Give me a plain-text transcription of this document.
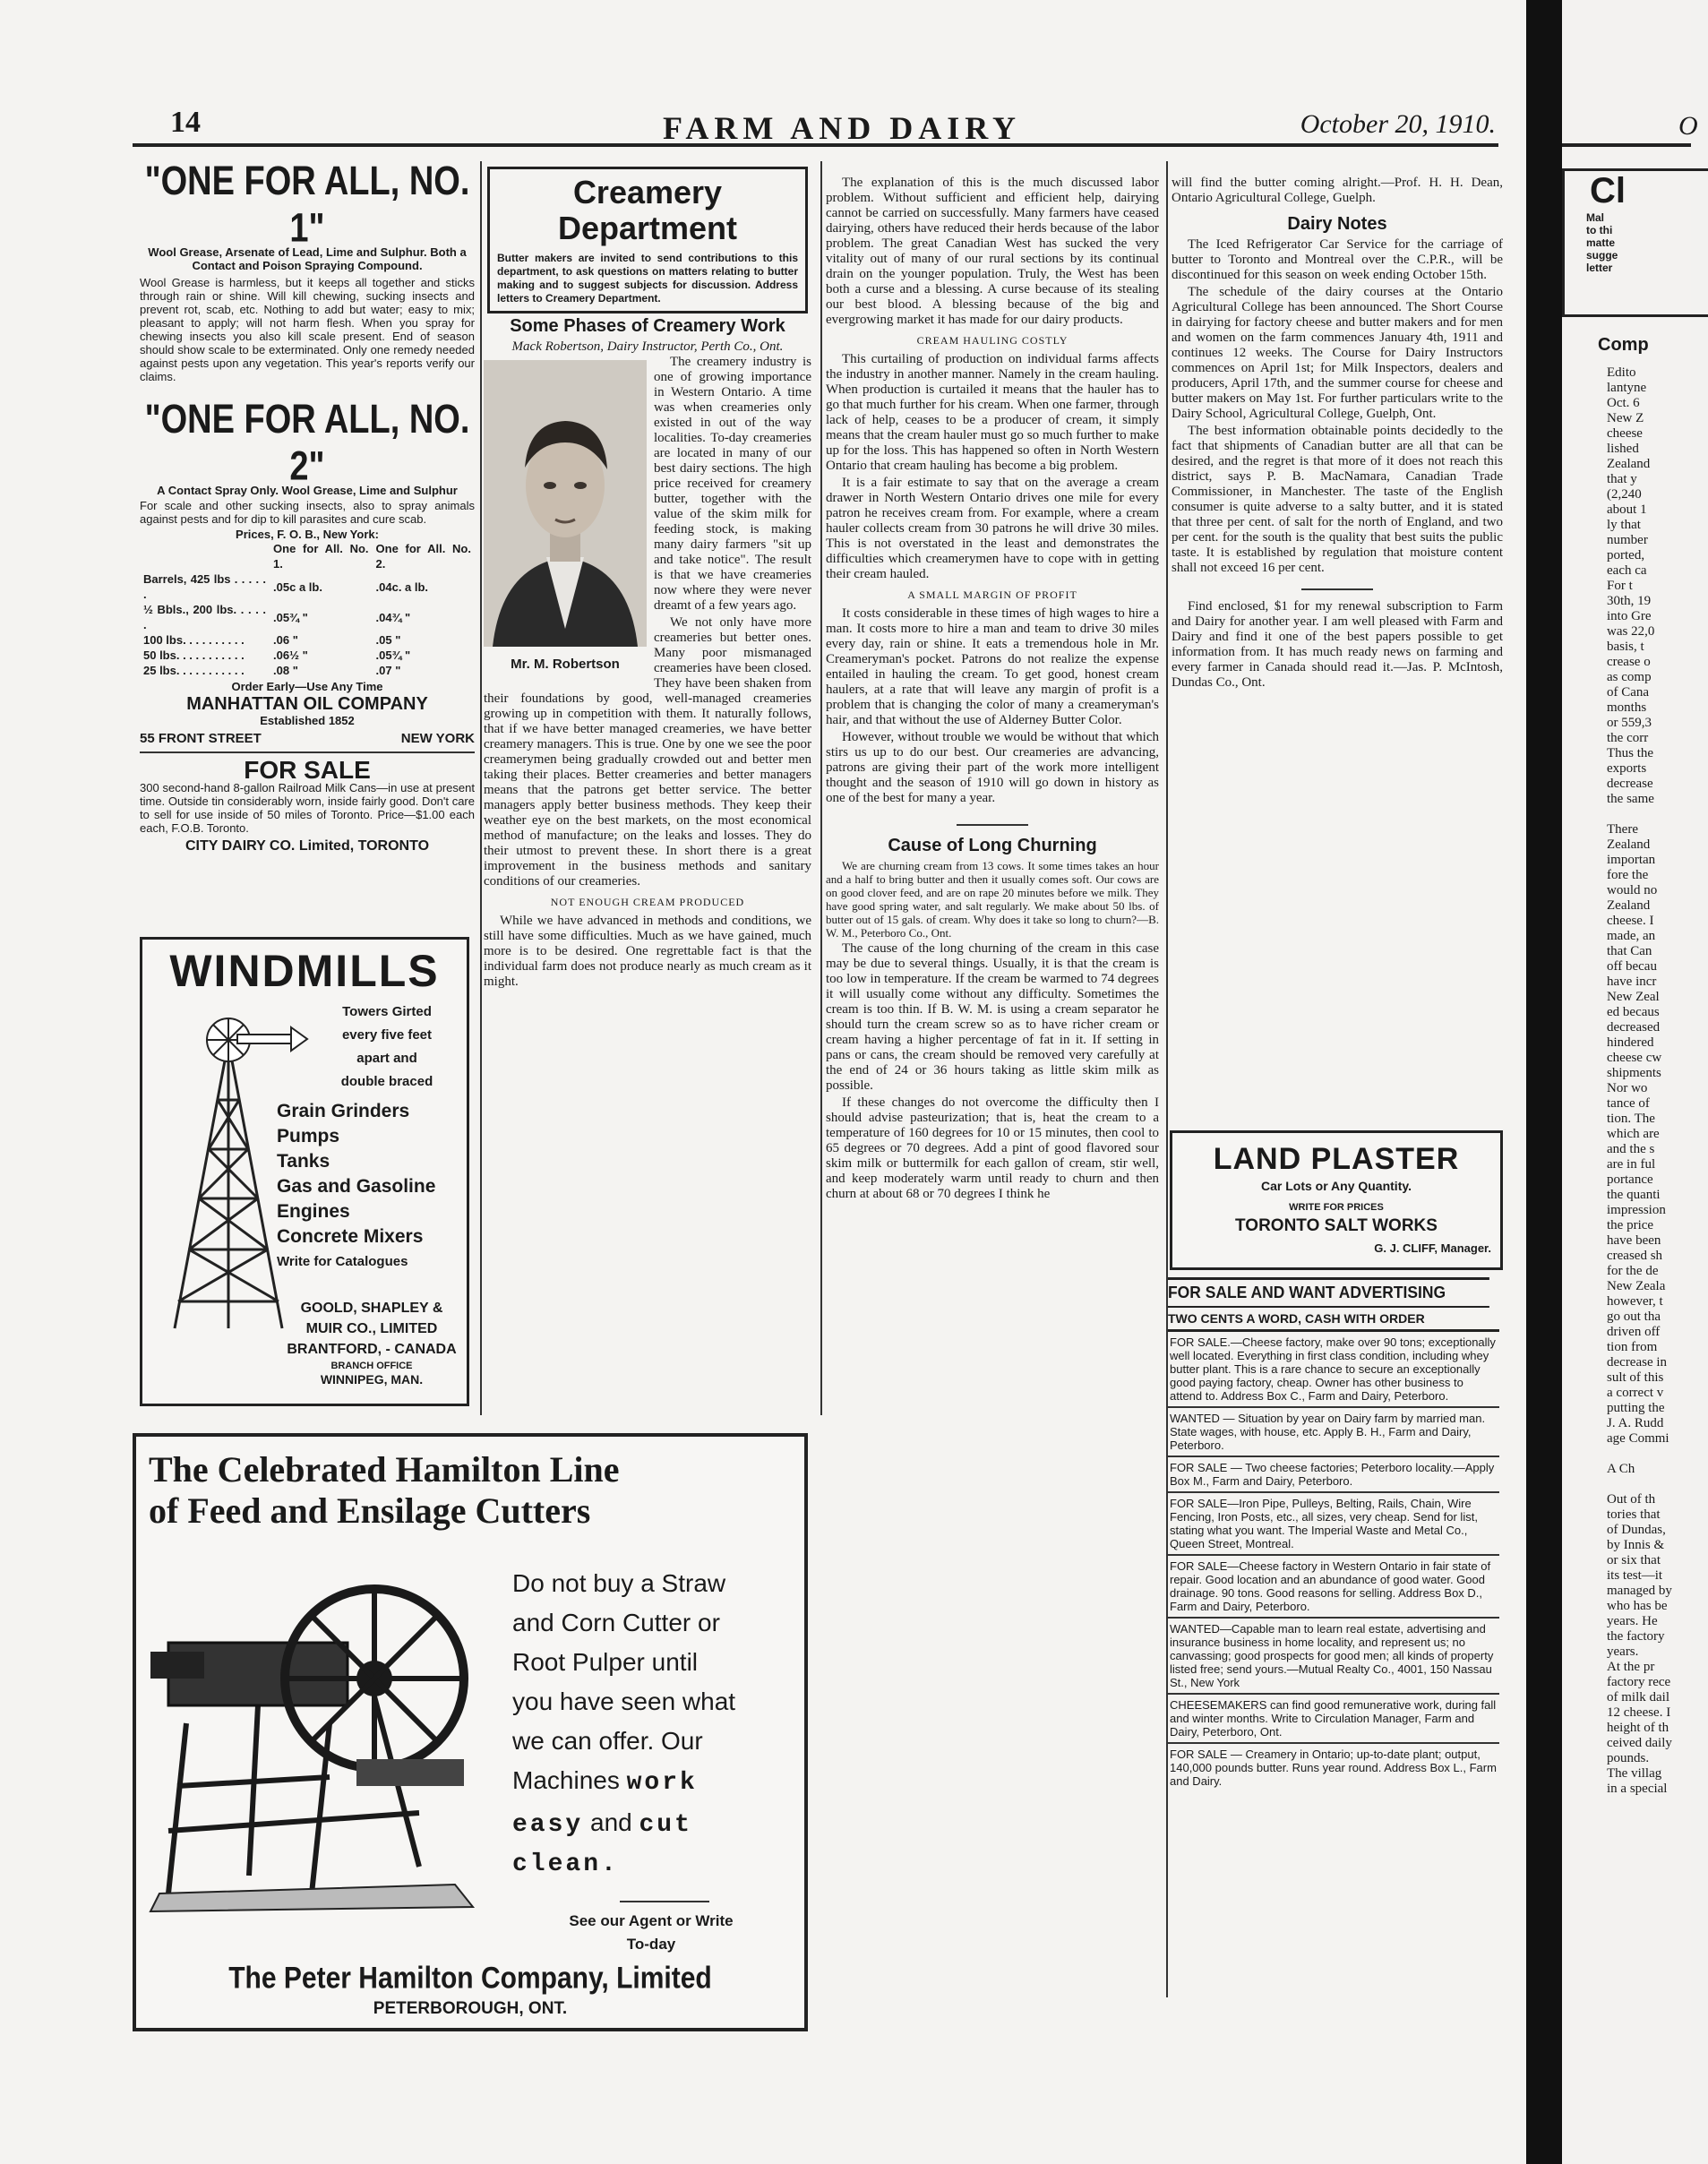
14	FARM AND DAIRY	October 20, 1910.
"ONE FOR ALL, NO. 1"
Wool Grease, Arsenate of Lead, Lime and Sulphur. Both a Contact and Poison Spraying Compound.
Wool Grease is harmless, but it keeps all together and sticks through rain or shine. Will kill chewing, sucking insects and prevent rot, scab, etc. Nothing to add but water; easy to mix; pleasant to apply; will not harm flesh. When you spray for chewing insects you also kill scale present. End of season should show scale to be exterminated. Only one remedy needed against pests upon any vegetation. This year's reports verify our claims.
"ONE FOR ALL, NO. 2"
A Contact Spray Only. Wool Grease, Lime and Sulphur
For scale and other sucking insects, also to spray animals against pests and for dip to kill parasites and cure scab.
Prices, F. O. B., New York:
	One for All. No. 1.	One for All. No. 2.
Barrels, 425 lbs . . . . . .	.05c a lb.	.04c. a lb.
½ Bbls., 200 lbs. . . . . .	.05¾ "	.04¾ "
100 lbs. . . . . . . . . .	.06 "	.05 "
50 lbs. . . . . . . . . . .	.06½ "	.05¾ "
25 lbs. . . . . . . . . . .	.08 "	.07 "
Order Early—Use Any Time
MANHATTAN OIL COMPANY
Established 1852
55 FRONT STREET	NEW YORK
FOR SALE
300 second-hand 8-gallon Railroad Milk Cans—in use at present time. Outside tin considerably worn, inside fairly good. Don't care to sell for use inside of 50 miles of Toronto. Price—$1.00 each each, F.O.B. Toronto.
CITY DAIRY CO. Limited, TORONTO
WINDMILLS
Towers Girted
every five feet
apart and
double braced
Grain Grinders
Pumps
Tanks
Gas and Gasoline
Engines
Concrete Mixers
Write for Catalogues
GOOLD, SHAPLEY &
MUIR CO., LIMITED
BRANTFORD, - CANADA
BRANCH OFFICE
WINNIPEG, MAN.
Creamery Department
Butter makers are invited to send contributions to this department, to ask questions on matters relating to butter making and to suggest subjects for discussion. Address letters to Creamery Department.
Some Phases of Creamery Work
Mack Robertson, Dairy Instructor, Perth Co., Ont.
Mr. M. Robertson

The creamery industry is one of growing importance in Western Ontario. A time was when creameries only existed in out of the way localities. To-day creameries are located in many of our best dairy sections. The high price received for creamery butter, together with the value of the skim milk for feeding stock, is making many dairy farmers "sit up and take notice". The result is that we have creameries now where they were never dreamt of a few years ago.

We not only have more creameries but better ones. Many poor mismanaged creameries have been closed. They have been shaken from their foundations by good, well-managed creameries growing up in competition with them. It naturally follows, that if we have better managed creameries, we have better creamery managers. This is true. One by one we see the poor creamerymen being gradually crowded out and better men taking their places. Better creameries and better managers means that the patrons get better service. The better managers apply better business methods. They keep their weather eye on the best markets, on the most economical method of manufacture; on the leaks and losses. They do their utmost to prevent these. In short there is a great improvement in the business methods and sanitary conditions of our creameries.

NOT ENOUGH CREAM PRODUCED

While we have advanced in methods and conditions, we still have some difficulties. Much as we have gained, much more is to be desired. One regrettable fact is that the individual farm does not produce nearly as much cream as it might.

The explanation of this is the much discussed labor problem. Without sufficient and efficient help, dairying cannot be carried on successfully. Many farmers have ceased dairying, others have reduced their herds because of the labor problem. The great Canadian West has sucked the very vitality out of many of our rural sections by its continual drain on the younger population. Truly, the West has been both a curse and a blessing. A curse because of its stealing our best blood. A blessing because of the big and evergrowing market it has made for our dairy products.

CREAM HAULING COSTLY

This curtailing of production on individual farms affects the industry in another manner. Namely in the cream hauling. When production is curtailed it means that the hauler has to go that much further for his cream. When one farmer, through lack of help, ceases to be a producer of cream, it simply means that the cream hauler must go so much further to make up for the loss. This has happened so often in North Western Ontario that cream hauling has become a big problem.

It is a fair estimate to say that on the average a cream drawer in North Western Ontario drives one mile for every patron he receives cream from. For example, where a cream hauler collects cream from 30 patrons he will drive 30 miles. This is not overstated in the least and demonstrates the difficulties which creamerymen have to cope with in getting their cream hauled.

A SMALL MARGIN OF PROFIT

It costs considerable in these times of high wages to hire a man. It costs more to hire a man and team to drive 30 miles every day, rain or shine. It eats a tremendous hole in Mr. Creameryman's pocket. Patrons do not realize the expense entailed in hauling the cream. To get good, honest cream haulers, at a rate that will leave any margin of profit is a problem that is changing the color of many a creameryman's hair, and that without the use of Alderney Butter Color.

However, without trouble we would be without that which stirs us up to do our best. Our creameries are advancing, patrons are giving their part of the work more intelligent thought and the season of 1910 will go down in history as one of the best for many a year.

Cause of Long Churning

We are churning cream from 13 cows. It some times takes an hour and a half to bring butter and then it usually comes soft. Our cows are on good clover feed, and are on rape 20 minutes before we milk. They have good spring water, and salt regularly. We make about 50 lbs. of butter out of 15 gals. of cream. Why does it take so long to churn?—B. W. M., Peterboro Co., Ont.

The cause of the long churning of the cream in this case may be due to several things. Usually, it is that the cream is too low in temperature. If the cream be warmed to 74 degrees it will usually come without any difficulty. Sometimes the cream is too thin. If B. W. M. is using a cream separator he should turn the cream screw so as to have richer cream or cream having a higher percentage of fat in it. If setting in pans or cans, the cream should be removed very carefully at the end of 24 or 36 hours taking as little skim milk as possible.

If these changes do not overcome the difficulty then I should advise pasteurization; that is, heat the cream to a temperature of 160 degrees for 10 or 15 minutes, then cool to 65 degrees or 70 degrees. Add a pint of good flavored sour skim milk or buttermilk for each gallon of cream, stir well, and keep moderately warm until ready to churn and then churn at about 68 or 70 degrees I think he

will find the butter coming alright.—Prof. H. H. Dean, Ontario Agricultural College, Guelph.

Dairy Notes

The Iced Refrigerator Car Service for the carriage of butter to Toronto and Montreal over the C.P.R., will be discontinued for this season on week ending October 15th.

The schedule of the dairy courses at the Ontario Agricultural College has been announced. The Short Course in dairying for factory cheese and butter makers and for men and women on the farm commences January 4th, 1911 and continues 12 weeks. The Course for Dairy Instructors commences on April 1st; for Milk Inspectors, dealers and producers, April 17th, and the summer course for cheese and butter makers on May 1st. For further particulars write to the Dairy School, Agricultural College, Guelph, Ont.

The best information obtainable points decidedly to the fact that shipments of Canadian butter are all that can be desired, and the regret is that more of it does not reach this district, says P. B. MacNamara, Canadian Trade Commissioner, in Manchester. The taste of the English consumer is quite adverse to a salty butter, and it is stated that three per cent. of salt for the north of England, and two per cent. for the south is the quality that best suits the public taste. It is established by regulation that moisture content shall not exceed 16 per cent.

Find enclosed, $1 for my renewal subscription to Farm and Dairy for another year. I am well pleased with Farm and Dairy and find it one of the best papers possible to get information from. It has much ready news on farming and every farmer in Canada should read it.—Jas. P. McIntosh, Dundas Co., Ont.

LAND PLASTER
Car Lots or Any Quantity.
WRITE FOR PRICES
TORONTO SALT WORKS
G. J. CLIFF, Manager.
FOR SALE AND WANT ADVERTISING
TWO CENTS A WORD, CASH WITH ORDER

FOR SALE.—Cheese factory, make over 90 tons; exceptionally well located. Everything in first class condition, including whey butter plant. This is a rare chance to secure an exceptionally good paying factory, cheap. Owner has other business to attend to. Address Box C., Farm and Dairy, Peterboro.

WANTED — Situation by year on Dairy farm by married man. State wages, with house, etc. Apply B. H., Farm and Dairy, Peterboro.

FOR SALE — Two cheese factories; Peterboro locality.—Apply Box M., Farm and Dairy, Peterboro.

FOR SALE—Iron Pipe, Pulleys, Belting, Rails, Chain, Wire Fencing, Iron Posts, etc., all sizes, very cheap. Send for list, stating what you want. The Imperial Waste and Metal Co., Queen Street, Montreal.

FOR SALE—Cheese factory in Western Ontario in fair state of repair. Good location and an abundance of good water. Good drainage. 90 tons. Good reasons for selling. Address Box D., Farm and Dairy, Peterboro.

WANTED—Capable man to learn real estate, advertising and insurance business in home locality, and represent us; no canvassing; good prospects for good men; all kinds of property listed free; send yours.—Mutual Realty Co., 4001, 150 Nassau St., New York

CHEESEMAKERS can find good remunerative work, during fall and winter months. Write to Circulation Manager, Farm and Dairy, Peterboro, Ont.

FOR SALE — Creamery in Ontario; up-to-date plant; output, 140,000 pounds butter. Runs year round. Address Box L., Farm and Dairy.

The Celebrated Hamilton Line
of Feed and Ensilage Cutters
Do not buy a Straw
and Corn Cutter or
Root Pulper until
you have seen what
we can offer. Our
Machines work
easy and cut
clean.
See our Agent or Write
To-day
The Peter Hamilton Company, Limited
PETERBOROUGH, ONT.
O
Cl
Mal
to thi
matte
sugge
letter
Comp

Edito

lantyne

Oct. 6

New Z

cheese

lished

Zealand

that y

(2,240

about 1

ly that

number

ported,

each ca

For t

30th, 19

into Gre

was 22,0

basis, t

crease o

as comp

of Cana

months

or 559,3

the corr

Thus the

exports

decrease

the same

There

Zealand

importan

fore the

would no

Zealand

cheese. I

made, an

that Can

off becau

have incr

New Zeal

ed becaus

decreased

hindered

cheese cw

shipments

Nor wo

tance of

tion. The

which are

and the s

are in ful

portance

the quanti

impression

the price

have been

creased sh

for the de

New Zeala

however, t

go out tha

driven off

tion from

decrease in

sult of this

a correct v

putting the

J. A. Rudd

age Commi

A Ch

Out of th

tories that

of Dundas,

by Innis &

or six that

its test—it

managed by

who has be

years. He

the factory

years.

At the pr

factory rece

of milk dail

12 cheese. I

height of th

ceived daily

pounds.

The villag

in a special
